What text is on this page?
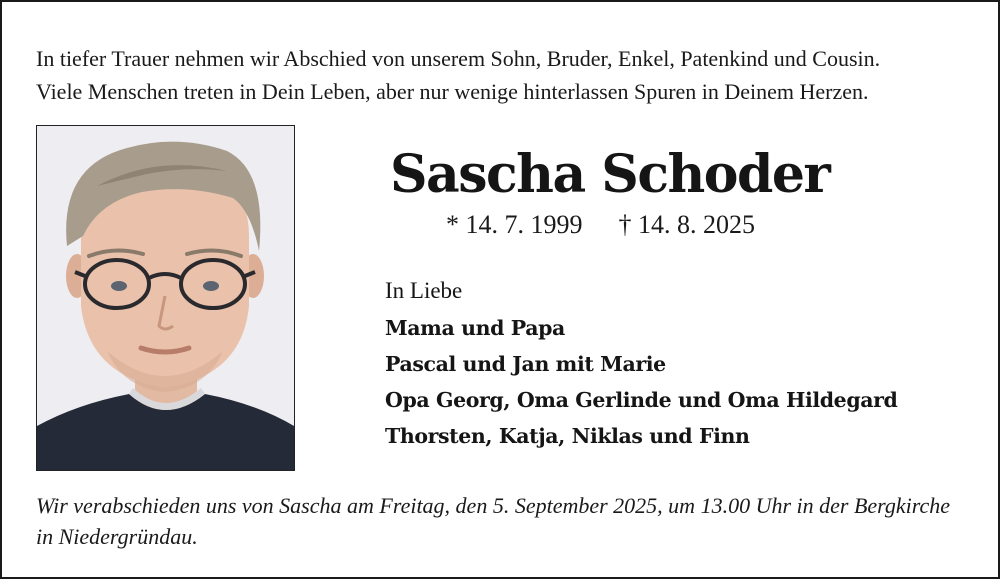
In tiefer Trauer nehmen wir Abschied von unserem Sohn, Bruder, Enkel, Patenkind und Cousin.
Viele Menschen treten in Dein Leben, aber nur wenige hinterlassen Spuren in Deinem Herzen.
Sascha Schoder
* 14. 7. 1999 † 14. 8. 2025
In Liebe
Mama und Papa
Pascal und Jan mit Marie
Opa Georg, Oma Gerlinde und Oma Hildegard
Thorsten, Katja, Niklas und Finn
Wir verabschieden uns von Sascha am Freitag, den 5. September 2025, um 13.00 Uhr in der Bergkirche
in Niedergründau.
